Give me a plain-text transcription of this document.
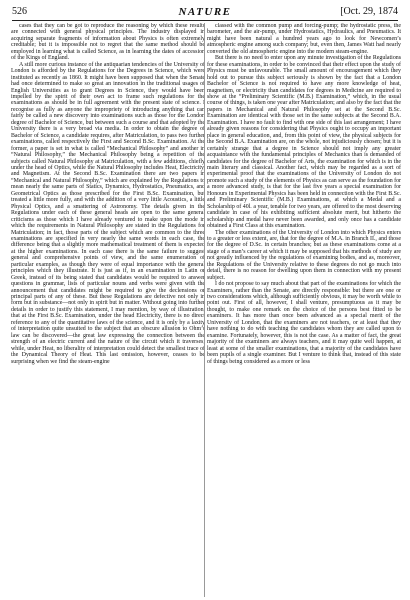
526	NATURE	[Oct. 29, 1874

cases that they can be got to reproduce the reasoning by which these results are connected with general physical principles. The industry displayed in acquiring separate fragments of information about Physics is often extremely creditable; but it is impossible not to regret that the same method should be employed in learning what is called Science, as in learning the dates of accession of the Kings of England.

A still more curious instance of the antiquarian tendencies of the University of London is afforded by the Regulations for the Degrees in Science, which were instituted as recently as 1860. It might have been supposed that when the Senate had once determined to make so great an innovation in the traditional usages of English Universities as to grant Degrees in Science, they would have been impelled by the spirit of their own act to frame such regulations for the examinations as should be in full agreement with the present state of science. I recognise as fully as anyone the impropriety of introducing anything that can fairly be called a new discovery into examinations such as those for the London degree of Bachelor of Science, but between such a course and that adopted by the University there is a very broad via media. In order to obtain the degree of Bachelor of Science, a candidate requires, after Matriculation, to pass two further examinations, called respectively the First and Second B.Sc. Examination. At the former, a paper is set in what is called “Mechanical Philosophy” and another in “Natural Philosophy,” the Mechanical Philosophy being a repetition of the subjects called Natural Philosophy at Matriculation, with a few additions, chiefly under the head of Optics, while the Natural Philosophy includes Heat, Electricity, and Magnetism. At the Second B.Sc. Examination there are two papers in “Mechanical and Natural Philosophy,” which are explained by the Regulations to mean nearly the same parts of Statics, Dynamics, Hydrostatics, Pneumatics, and Geometrical Optics as those prescribed for the First B.Sc. Examination, but treated a little more fully, and with the addition of a very little Acoustics, a little Physical Optics, and a smattering of Astronomy. The details given in the Regulations under each of these general heads are open to the same general criticisms as those which I have already ventured to make upon the mode in which the requirements in Natural Philosophy are stated in the Regulations for Matriculation; in fact, those parts of the subject which are common to the three examinations are specified in very nearly the same words in each case, the difference being that a slightly more mathematical treatment of them is expected at the higher examinations. In each case there is the same failure to suggest general and comprehensive points of view, and the same enumeration of particular examples, as though they were of equal importance with the general principles which they illustrate. It is just as if, in an examination in Latin or Greek, instead of its being stated that candidates would be required to answer questions in grammar, lists of particular nouns and verbs were given with the announcement that candidates might be required to give the declensions or principal parts of any of these. But these Regulations are defective not only in form but in substance—not only in spirit but in matter. Without going into further details in order to justify this statement, I may mention, by way of illustration, that at the First B.Sc. Examination, under the head Electricity, there is no direct reference to any of the quantitative laws of the science, and it is only by a laxity of interpretation quite unsuited to the subject that an obscure allusion to Ohm’s law can be discovered—the great law expressing the connection between the strength of an electric current and the nature of the circuit which it traverses; while, under Heat, no liberality of interpretation could detect the smallest trace of the Dynamical Theory of Heat. This last omission, however, ceases to be surprising when we find the steam-engine

classed with the common pump and forcing-pump; the hydrostatic press, the barometer, and the air-pump, under Hydrostatics, Hydraulics, and Pneumatics. It might have been natural a hundred years ago to look for Newcomen’s atmospheric engine among such company; but, even then, James Watt had nearly converted the old atmospheric engine into the modern steam-engine.

But there is no need to enter upon any minute investigation of the Regulations for these examinations, in order to be convinced that their effect upon the study of Physics must be unfavourable. The small amount of encouragement which they hold out to pursue this subject seriously is shown by the fact that a London Bachelor of Science is not required to have any more knowledge of heat, magnetism, or electricity than candidates for degrees in Medicine are required to show at the “Preliminary Scientific (M.B.) Examination,” which, in the usual course of things, is taken one year after Matriculation; and also by the fact that the papers in Mechanical and Natural Philosophy set at the Second B.Sc. Examination are identical with those set in the same subjects at the Second B.A. Examination. I have no fault to find with one side of this last arrangement; I have already given reasons for considering that Physics ought to occupy an important place in general education, and, from this point of view, the physical subjects for the Second B.A. Examination are, on the whole, not injudiciously chosen; but it is certainly strange that a degree in Science should not imply any greater acquaintance with the fundamental principles of Mechanics than is demanded of candidates for the degree of Bachelor of Arts, the examination for which is in the main literary and classical. Another fact, which may be regarded as a sort of experimental proof that the examinations of the University of London do not promote such a study of the elements of Physics as can serve as the foundation for a more advanced study, is that for the last five years a special examination for Honours in Experimental Physics has been held in connection with the First B.Sc. and Preliminary Scientific (M.B.) Examinations, at which a Medal and a Scholarship of 40l. a year, tenable for two years, are offered to the most deserving candidate in case of his exhibiting sufficient absolute merit, but hitherto the scholarship and medal have never been awarded, and only once has a candidate obtained a First Class at this examination.

The other examinations of the University of London into which Physics enters to a greater or less extent, are, that for the degree of M.A. in Branch II., and those for the degree of D.Sc. in certain branches; but as these examinations come at a stage of a man’s career at which it may be supposed that his methods of study are not greatly influenced by the regulations of examining bodies, and as, moreover, the Regulations of the University relative to these degrees do not go much into detail, there is no reason for dwelling upon them in connection with my present subject.

I do not propose to say much about that part of the examinations for which the Examiners, rather than the Senate, are directly responsible: but there are one or two considerations which, although sufficiently obvious, it may be worth while to point out. First of all, however, I shall venture, presumptuous as it may be thought, to make one remark on the choice of the persons best fitted to be examiners. It has more than once been advanced as a special merit of the University of London, that the examiners are not teachers, or at least that they have nothing to do with teaching the candidates whom they are called upon to examine. Fortunately, however, this is not the case. As a matter of fact, the great majority of the examiners are always teachers, and it may quite well happen, at least at some of the smaller examinations, that a majority of the candidates have been pupils of a single examiner. But I venture to think that, instead of this state of things being considered as a more or less
